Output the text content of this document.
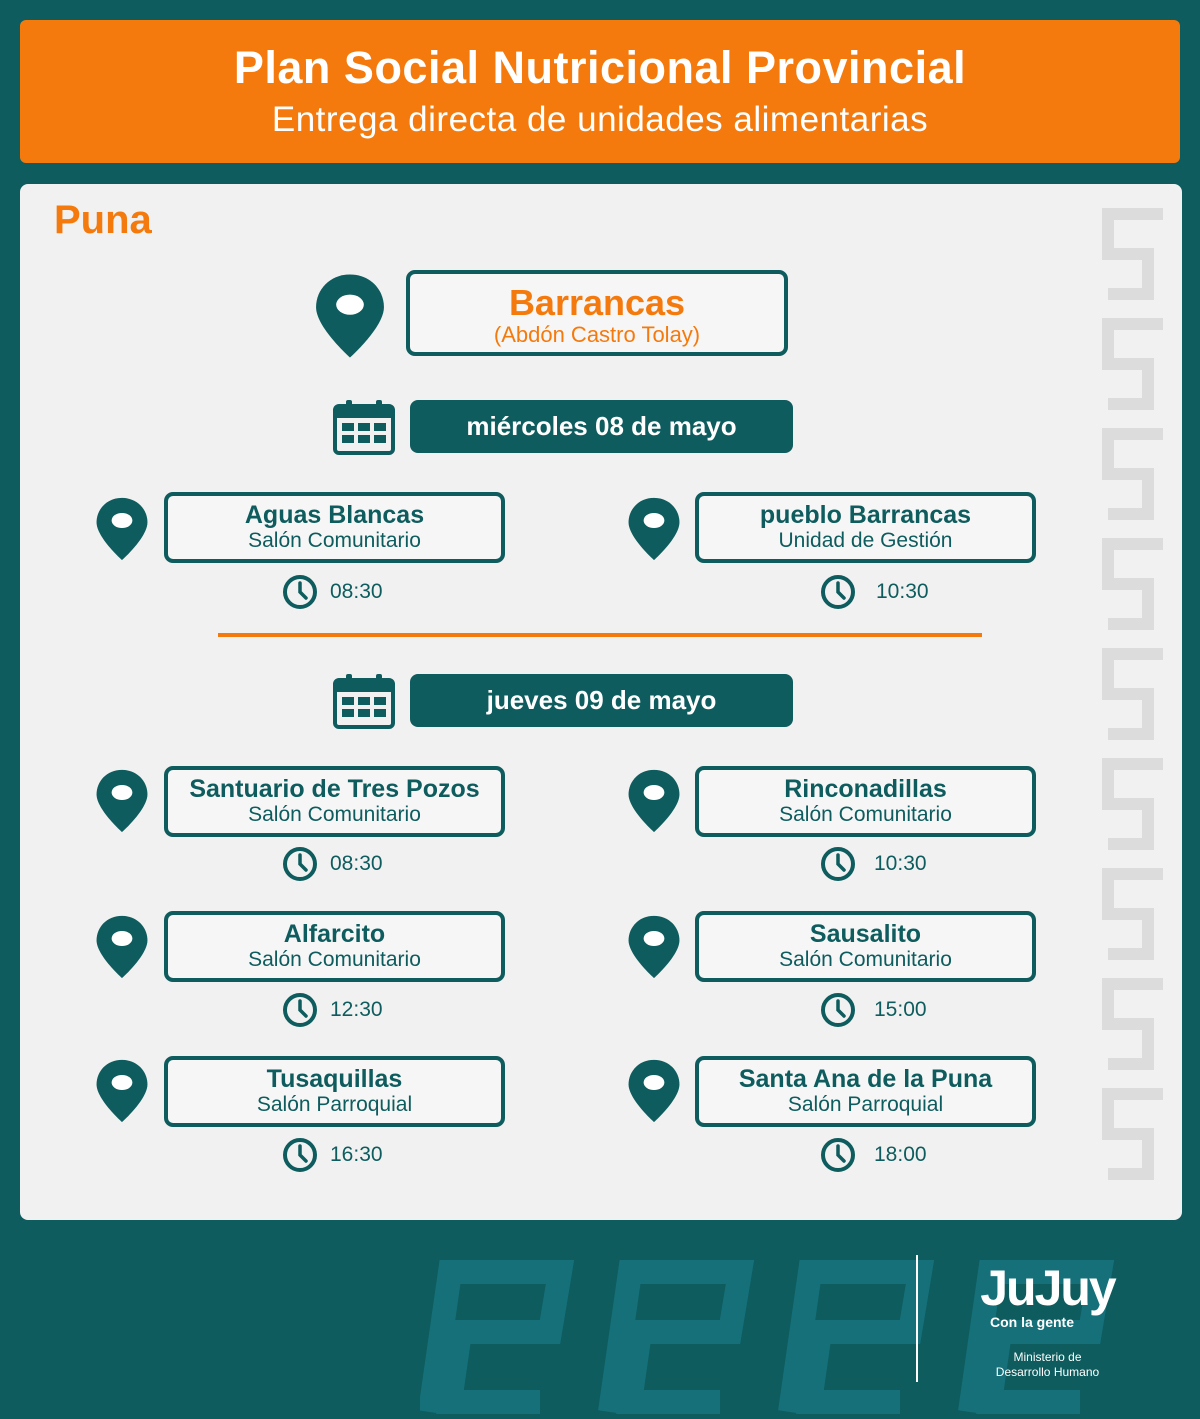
Plan Social Nutricional Provincial
Entrega directa de unidades alimentarias
Puna
Barrancas
(Abdón Castro Tolay)
miércoles 08 de mayo
Aguas Blancas
Salón Comunitario
08:30
pueblo Barrancas
Unidad de Gestión
10:30
jueves 09 de mayo
Santuario de Tres Pozos
Salón Comunitario
08:30
Rinconadillas
Salón Comunitario
10:30
Alfarcito
Salón Comunitario
12:30
Sausalito
Salón Comunitario
15:00
Tusaquillas
Salón Parroquial
16:30
Santa Ana de la Puna
Salón Parroquial
18:00
JuJuy
Con la gente
Ministerio de
Desarrollo Humano
